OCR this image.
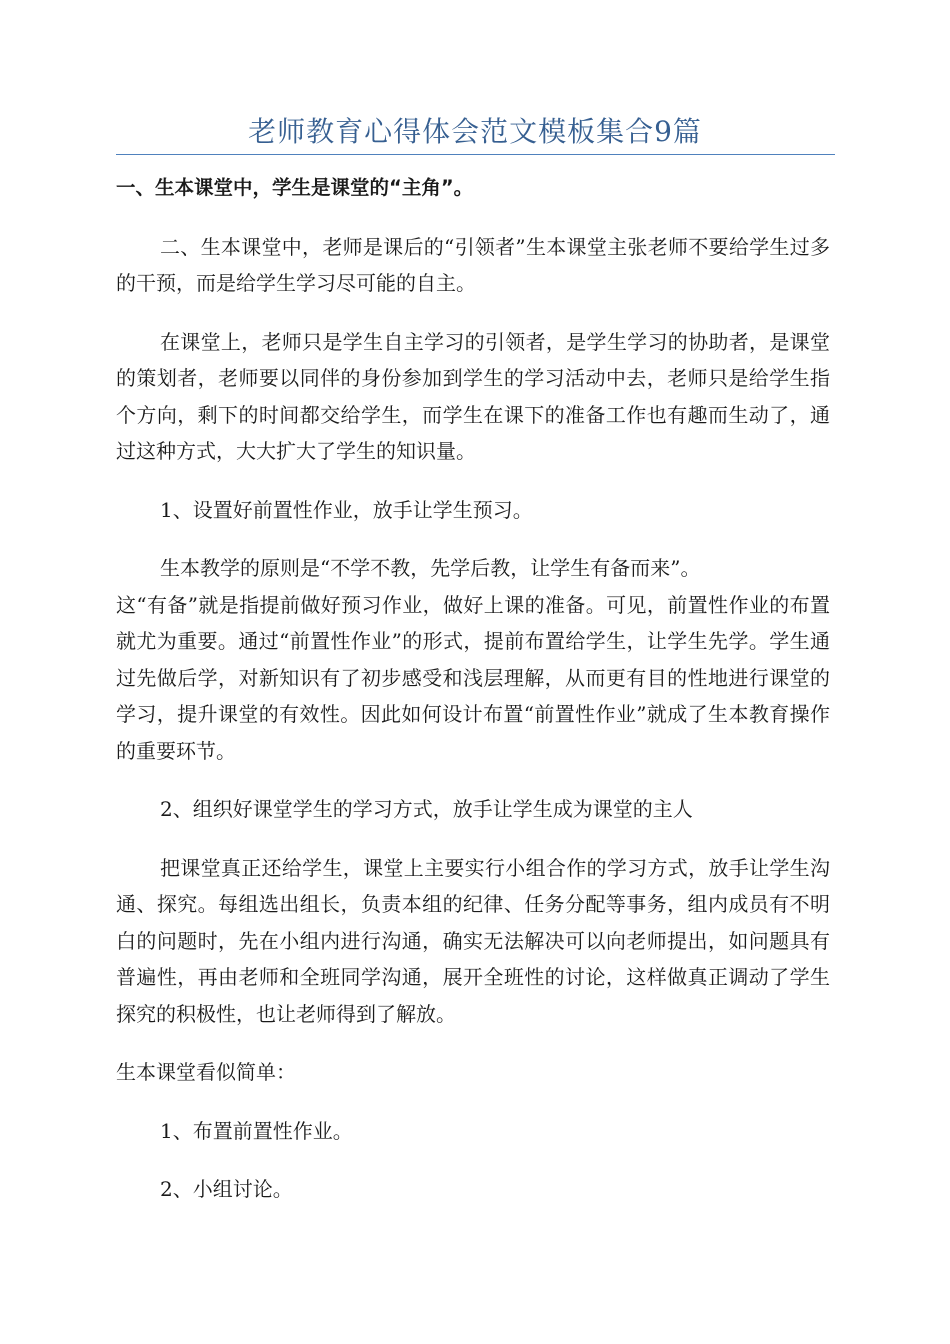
老师教育心得体会范文模板集合9篇

一、生本课堂中，学生是课堂的“主角”。

二、生本课堂中，老师是课后的“引领者”生本课堂主张老师不要给学生过多的干预，而是给学生学习尽可能的自主。

在课堂上，老师只是学生自主学习的引领者，是学生学习的协助者，是课堂的策划者，老师要以同伴的身份参加到学生的学习活动中去，老师只是给学生指个方向，剩下的时间都交给学生，而学生在课下的准备工作也有趣而生动了，通过这种方式，大大扩大了学生的知识量。

1、设置好前置性作业，放手让学生预习。

生本教学的原则是“不学不教，先学后教，让学生有备而来”。

这“有备”就是指提前做好预习作业，做好上课的准备。可见，前置性作业的布置就尤为重要。通过“前置性作业”的形式，提前布置给学生，让学生先学。学生通过先做后学，对新知识有了初步感受和浅层理解，从而更有目的性地进行课堂的学习，提升课堂的有效性。因此如何设计布置“前置性作业”就成了生本教育操作的重要环节。

2、组织好课堂学生的学习方式，放手让学生成为课堂的主人

把课堂真正还给学生，课堂上主要实行小组合作的学习方式，放手让学生沟通、探究。每组选出组长，负责本组的纪律、任务分配等事务，组内成员有不明白的问题时，先在小组内进行沟通，确实无法解决可以向老师提出，如问题具有普遍性，再由老师和全班同学沟通，展开全班性的讨论，这样做真正调动了学生探究的积极性，也让老师得到了解放。

生本课堂看似简单：

1、布置前置性作业。

2、小组讨论。
